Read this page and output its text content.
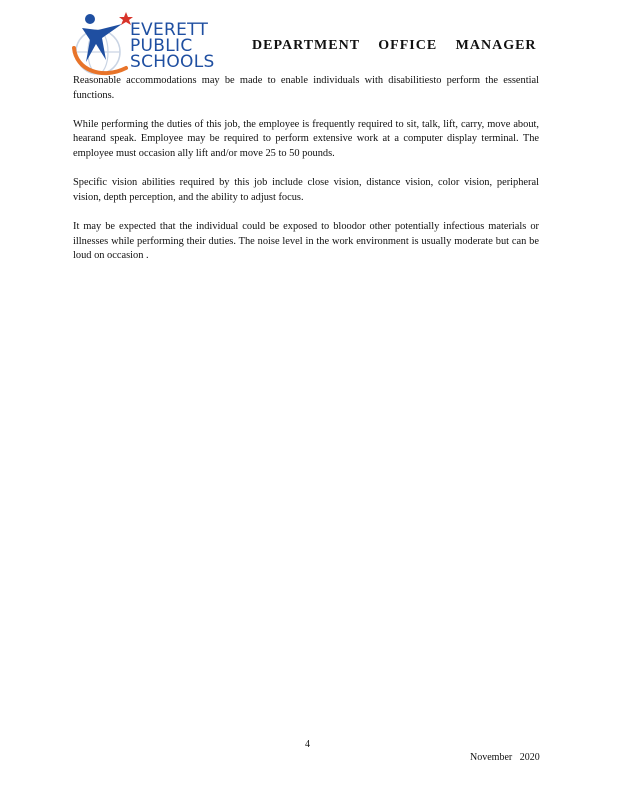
EVERETT
PUBLIC
SCHOOLS
DEPARTMENT OFFICE MANAGER

Reasonable accommodations may be made to enable individuals with disabilitiesto perform the essential functions.

While performing the duties of this job, the employee is frequently required to sit, talk, lift, carry, move about, hearand speak. Employee may be required to perform extensive work at a computer display terminal. The employee must occasion ally lift and/or move 25 to 50 pounds.

Specific vision abilities required by this job include close vision, distance vision, color vision, peripheral vision, depth perception, and the ability to adjust focus.

It may be expected that the individual could be exposed to bloodor other potentially infectious materials or illnesses while performing their duties. The noise level in the work environment is usually moderate but can be loud on occasion .

4
November 2020
